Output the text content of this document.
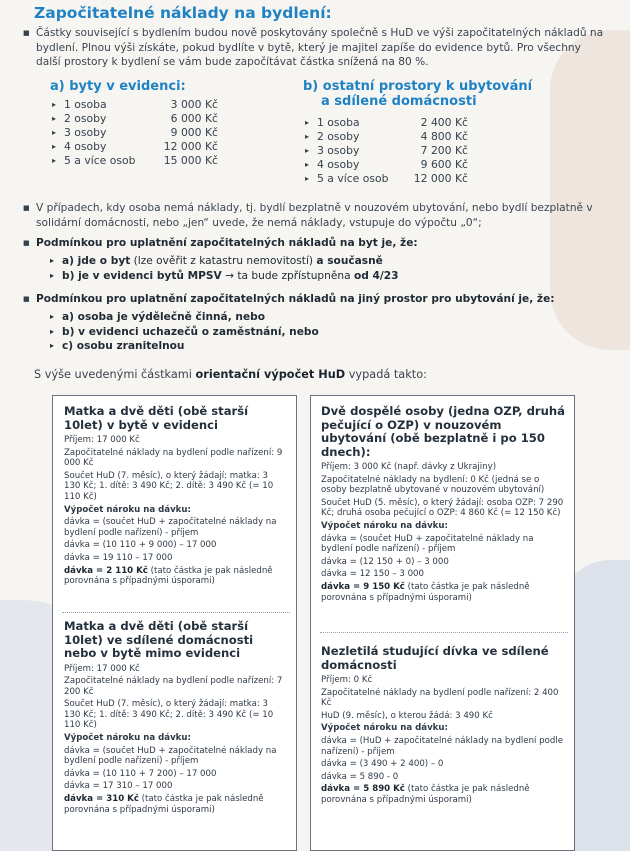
Započitatelné náklady na bydlení:
■ Částky související s bydlením budou nově poskytovány společně s HuD ve výši započitatelných nákladů na bydlení. Plnou výši získáte, pokud bydlíte v bytě, který je majitel zapíše do evidence bytů. Pro všechny další prostory k bydlení se vám bude započítávat částka snížená na 80 %.
a) byty v evidenci:
▸ 1 osoba	3 000 Kč
▸ 2 osoby	6 000 Kč
▸ 3 osoby	9 000 Kč
▸ 4 osoby	12 000 Kč
▸ 5 a více osob	15 000 Kč
b) ostatní prostory k ubytování
a sdílené domácnosti
▸ 1 osoba	2 400 Kč
▸ 2 osoby	4 800 Kč
▸ 3 osoby	7 200 Kč
▸ 4 osoby	9 600 Kč
▸ 5 a více osob	12 000 Kč
■ V případech, kdy osoba nemá náklady, tj. bydlí bezplatně v nouzovém ubytování, nebo bydlí bezplatně v solidární domácnosti, nebo „jen“ uvede, že nemá náklady, vstupuje do výpočtu „0“;
■ Podmínkou pro uplatnění započitatelných nákladů na byt je, že:
▸ a) jde o byt (lze ověřit z katastru nemovitostí) a současně
▸ b) je v evidenci bytů MPSV → ta bude zpřístupněna od 4/23
■ Podmínkou pro uplatnění započitatelných nákladů na jiný prostor pro ubytování je, že:
▸ a) osoba je výdělečně činná, nebo
▸ b) v evidenci uchazečů o zaměstnání, nebo
▸ c) osobu zranitelnou
S výše uvedenými částkami orientační výpočet HuD vypadá takto:
Matka a dvě děti (obě starší 10let) v bytě v evidenci

Příjem: 17 000 Kč

Započitatelné náklady na bydlení podle nařízení: 9 000 Kč

Součet HuD (7. měsíc), o který žádají: matka: 3 130 Kč; 1. dítě: 3 490 Kč; 2. dítě: 3 490 Kč (= 10 110 Kč)

Výpočet nároku na dávku:

dávka = (součet HuD + započitatelné náklady na bydlení podle nařízení) - příjem

dávka = (10 110 + 9 000) – 17 000

dávka = 19 110 – 17 000

dávka = 2 110 Kč (tato částka je pak následně porovnána s případnými úsporami)

Matka a dvě děti (obě starší 10let) ve sdílené domácnosti nebo v bytě mimo evidenci

Příjem: 17 000 Kč

Započitatelné náklady na bydlení podle nařízení: 7 200 Kč

Součet HuD (7. měsíc), o který žádají: matka: 3 130 Kč; 1. dítě: 3 490 Kč; 2. dítě: 3 490 Kč (= 10 110 Kč)

Výpočet nároku na dávku:

dávka = (součet HuD + započitatelné náklady na bydlení podle nařízení) - příjem

dávka = (10 110 + 7 200) – 17 000

dávka = 17 310 – 17 000

dávka = 310 Kč (tato částka je pak následně porovnána s případnými úsporami)

Dvě dospělé osoby (jedna OZP, druhá pečující o OZP) v nouzovém ubytování (obě bezplatně i po 150 dnech):

Příjem: 3 000 Kč (např. dávky z Ukrajiny)

Započitatelné náklady na bydlení: 0 Kč (jedná se o osoby bezplatně ubytované v nouzovém ubytování)

Součet HuD (5. měsíc), o který žádají: osoba OZP: 7 290 Kč; druhá osoba pečující o OZP: 4 860 Kč (= 12 150 Kč)

Výpočet nároku na dávku:

dávka = (součet HuD + započitatelné náklady na bydlení podle nařízení) - příjem

dávka = (12 150 + 0) – 3 000

dávka = 12 150 – 3 000

dávka = 9 150 Kč (tato částka je pak následně porovnána s případnými úsporami)

Nezletilá studující dívka ve sdílené domácnosti

Příjem: 0 Kč

Započitatelné náklady na bydlení podle nařízení: 2 400 Kč

HuD (9. měsíc), o kterou žádá: 3 490 Kč

Výpočet nároku na dávku:

dávka = (HuD + započitatelné náklady na bydlení podle nařízení) - příjem

dávka = (3 490 + 2 400) – 0

dávka = 5 890 - 0

dávka = 5 890 Kč (tato částka je pak následně porovnána s případnými úsporami)
